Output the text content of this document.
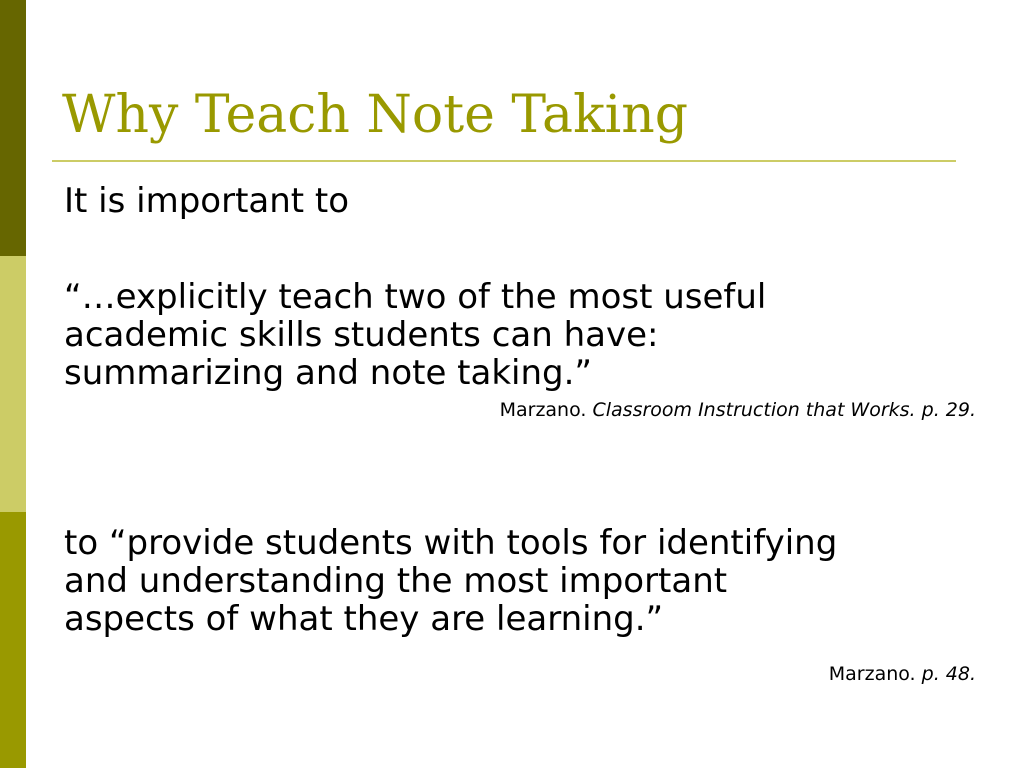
Why Teach Note Taking

It is important to

“…explicitly teach two of the most useful
academic skills students can have:
summarizing and note taking.”

Marzano. Classroom Instruction that Works. p. 29.

to “provide students with tools for identifying
and understanding the most important
aspects of what they are learning.”

Marzano. p. 48.
